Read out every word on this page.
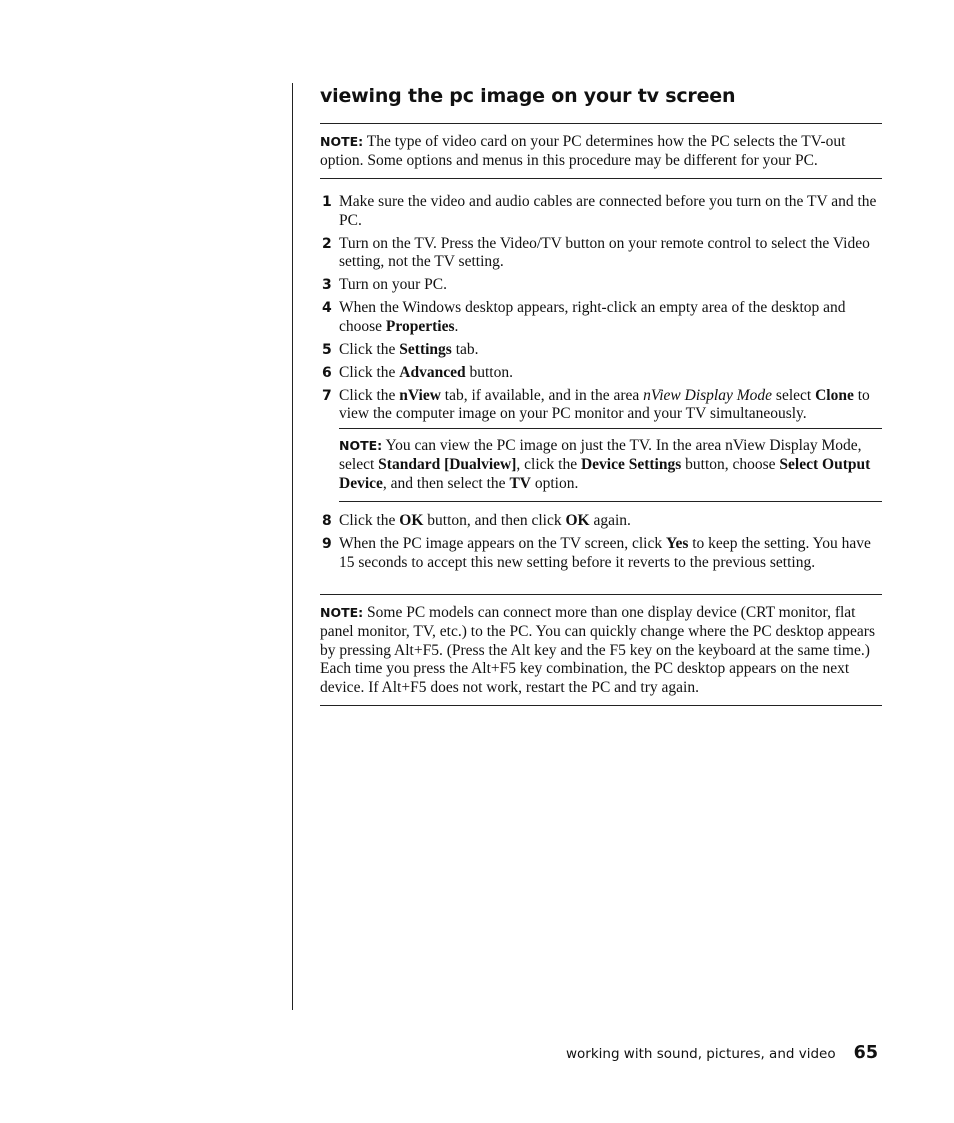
viewing the pc image on your tv screen
NOTE: The type of video card on your PC determines how the PC selects the TV-out option. Some options and menus in this procedure may be different for your PC.
1 Make sure the video and audio cables are connected before you turn on the TV and the PC.
2 Turn on the TV. Press the Video/TV button on your remote control to select the Video setting, not the TV setting.
3 Turn on your PC.
4 When the Windows desktop appears, right-click an empty area of the desktop and choose Properties.
5 Click the Settings tab.
6 Click the Advanced button.
7 Click the nView tab, if available, and in the area nView Display Mode select Clone to view the computer image on your PC monitor and your TV simultaneously.
NOTE: You can view the PC image on just the TV. In the area nView Display Mode, select Standard [Dualview], click the Device Settings button, choose Select Output Device, and then select the TV option.
8 Click the OK button, and then click OK again.
9 When the PC image appears on the TV screen, click Yes to keep the setting. You have 15 seconds to accept this new setting before it reverts to the previous setting.
NOTE: Some PC models can connect more than one display device (CRT monitor, flat panel monitor, TV, etc.) to the PC. You can quickly change where the PC desktop appears by pressing Alt+F5. (Press the Alt key and the F5 key on the keyboard at the same time.) Each time you press the Alt+F5 key combination, the PC desktop appears on the next device. If Alt+F5 does not work, restart the PC and try again.
working with sound, pictures, and video 65
